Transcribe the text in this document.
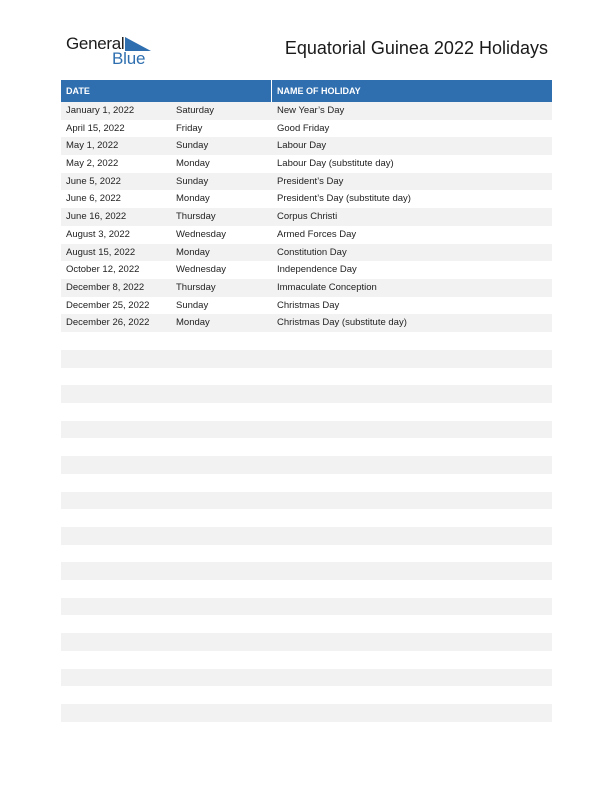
General
Blue
Equatorial Guinea 2022 Holidays
DATE	NAME OF HOLIDAY
January 1, 2022	Saturday	New Year’s Day
April 15, 2022	Friday	Good Friday
May 1, 2022	Sunday	Labour Day
May 2, 2022	Monday	Labour Day (substitute day)
June 5, 2022	Sunday	President’s Day
June 6, 2022	Monday	President’s Day (substitute day)
June 16, 2022	Thursday	Corpus Christi
August 3, 2022	Wednesday	Armed Forces Day
August 15, 2022	Monday	Constitution Day
October 12, 2022	Wednesday	Independence Day
December 8, 2022	Thursday	Immaculate Conception
December 25, 2022	Sunday	Christmas Day
December 26, 2022	Monday	Christmas Day (substitute day)
